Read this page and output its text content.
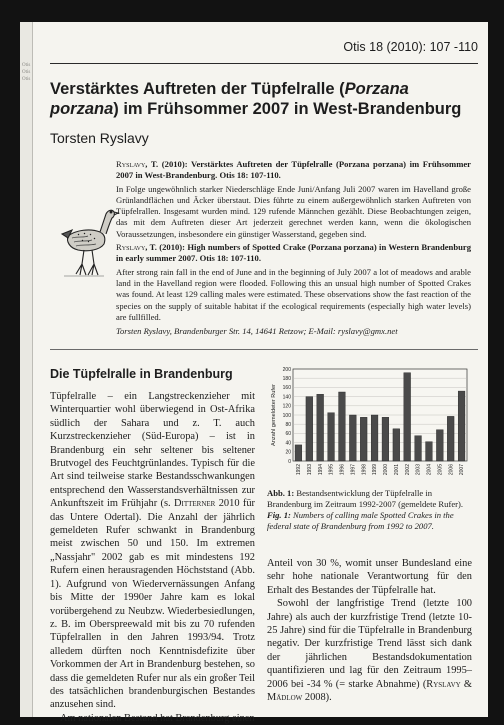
Otis Otis Otis
Otis 18 (2010): 107 -110
Verstärktes Auftreten der Tüpfelralle (Porzana porzana) im Frühsommer 2007 in West-Brandenburg
Torsten Ryslavy

Ryslavy, T. (2010): Verstärktes Auftreten der Tüpfelralle (Porzana porzana) im Frühsommer 2007 in West-Brandenburg. Otis 18: 107-110.

In Folge ungewöhnlich starker Niederschläge Ende Juni/Anfang Juli 2007 waren im Havelland große Grünlandflächen und Äcker überstaut. Dies führte zu einem außergewöhnlich starken Auftreten von Tüpfelrallen. Insgesamt wurden mind. 129 rufende Männchen gezählt. Diese Beobachtungen zeigen, das mit dem Auftreten dieser Art jederzeit gerechnet werden kann, wenn die ökologischen Voraussetzungen, insbesondere ein günstiger Wasserstand, gegeben sind.

Ryslavy, T. (2010): High numbers of Spotted Crake (Porzana porzana) in Western Brandenburg in early summer 2007. Otis 18: 107-110.

After strong rain fall in the end of June and in the beginning of July 2007 a lot of meadows and arable land in the Havelland region were flooded. Following this an unsual high number of Spotted Crakes was found. At least 129 calling males were estimated. These observations show the fast reaction of the species on the supply of suitable habitat if the ecological requirements (especially high water levels) are fullfilled.

Torsten Ryslavy, Brandenburger Str. 14, 14641 Retzow; E-Mail: ryslavy@gmx.net

Die Tüpfelralle in Brandenburg

Tüpfelralle – ein Langstreckenzieher mit Winterquartier wohl überwiegend in Ost-Afrika südlich der Sahara und z. T. auch Kurzstreckenzieher (Süd-Europa) – ist in Brandenburg ein sehr seltener bis seltener Brutvogel des Feuchtgrünlandes. Typisch für die Art sind teilweise starke Bestandsschwankungen entsprechend den Wasserstandsverhältnissen zur Ankunftszeit im Frühjahr (s. Ditterner 2010 für das Untere Odertal). Die Anzahl der jährlich gemeldeten Rufer schwankt in Brandenburg meist zwischen 50 und 150. Im extremen „Nassjahr" 2002 gab es mit mindestens 192 Rufern einen herausragenden Höchststand (Abb. 1). Aufgrund von Wiedervernässungen Anfang bis Mitte der 1990er Jahre kam es lokal vorübergehend zu Neubzw. Wiederbesiedlungen, z. B. im Oberspreewald mit bis zu 70 rufenden Tüpfelrallen in den Jahren 1993/94. Trotz alledem dürften noch Kenntnisdefizite über Vorkommen der Art in Brandenburg bestehen, so dass die gemeldeten Rufer nur als ein großer Teil des tatsächlichen brandenburgischen Bestandes anzusehen sind.

Am nationalen Bestand hat Brandenburg einen

0
20
40
60
80
100
120
140
160
180
200
1992 1993 1994 1995 1996 1997 1998 1999 2000 2001 2002 2003 2004 2005 2006 2007
Anzahl gemeldeter Rufer

Abb. 1: Bestandsentwicklung der Tüpfelralle in Brandenburg im Zeitraum 1992-2007 (gemeldete Rufer).

Fig. 1: Numbers of calling male Spotted Crakes in the federal state of Brandenburg from 1992 to 2007.

Anteil von 30 %, womit unser Bundesland eine sehr hohe nationale Verantwortung für den Erhalt des Bestandes der Tüpfelralle hat.

Sowohl der langfristige Trend (letzte 100 Jahre) als auch der kurzfristige Trend (letzte 10-25 Jahre) sind für die Tüpfelralle in Brandenburg negativ. Der kurzfristige Trend lässt sich dank der jährlichen Bestandsdokumentation quantifizieren und lag für den Zeitraum 1995–2006 bei -34 % (= starke Abnahme) (Ryslavy & Mädlow 2008).
